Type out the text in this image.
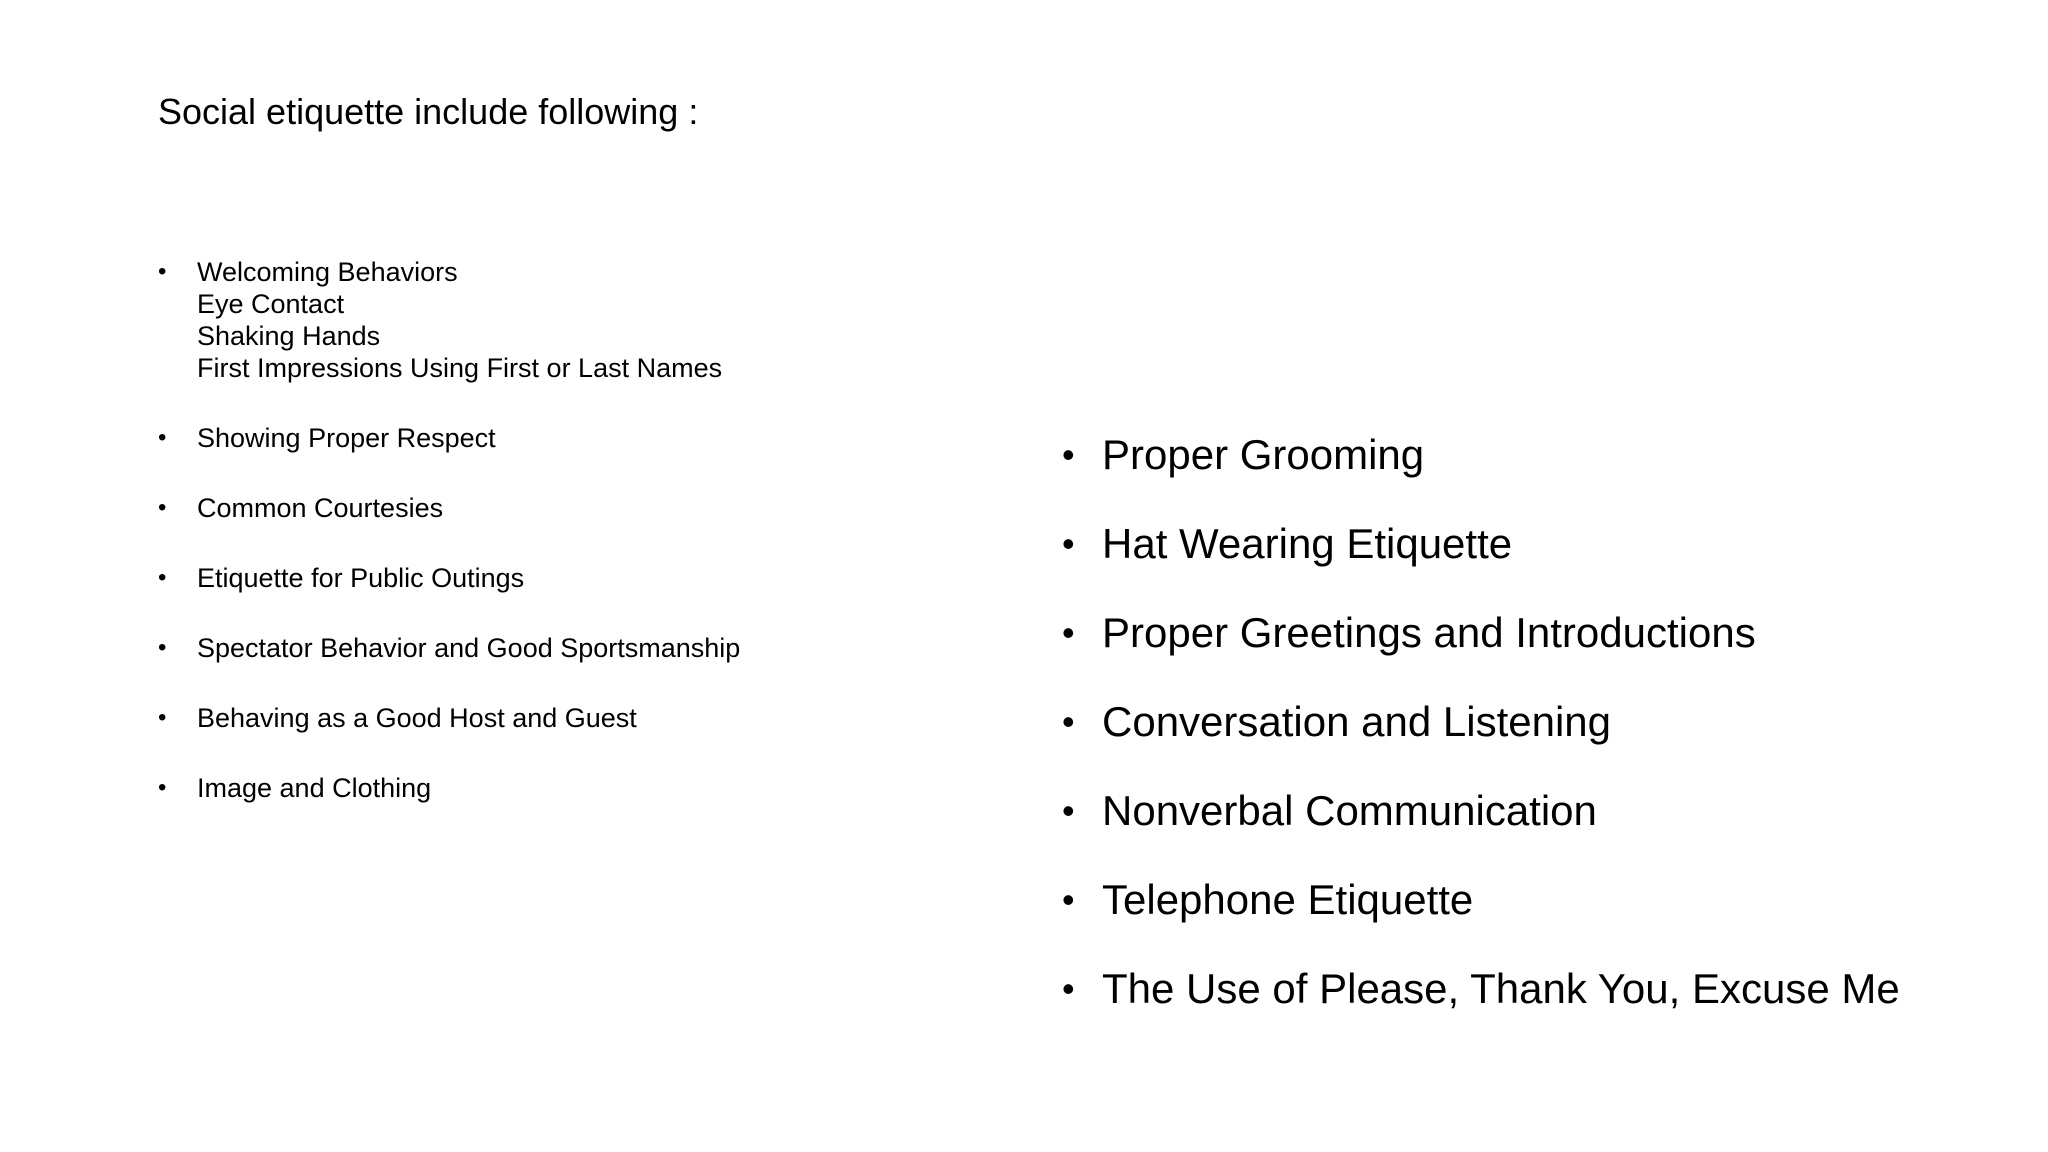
Social etiquette include following :
• Welcoming Behaviors
Eye Contact
Shaking Hands
First Impressions Using First or Last Names
• Showing Proper Respect
• Common Courtesies
• Etiquette for Public Outings
• Spectator Behavior and Good Sportsmanship
• Behaving as a Good Host and Guest
• Image and Clothing
• Proper Grooming
• Hat Wearing Etiquette
• Proper Greetings and Introductions
• Conversation and Listening
• Nonverbal Communication
• Telephone Etiquette
• The Use of Please, Thank You, Excuse Me
